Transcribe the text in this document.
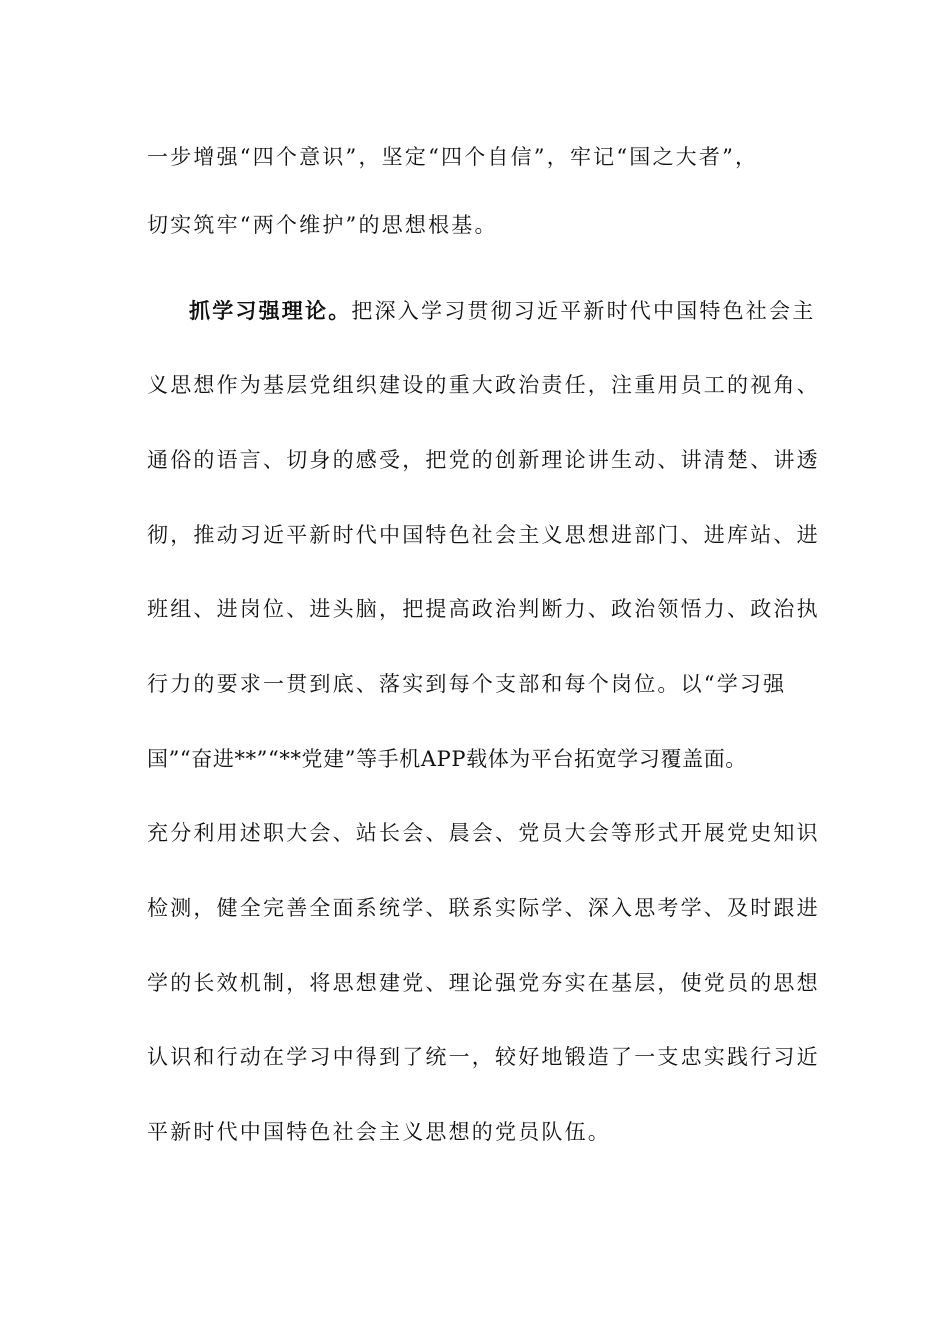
一步增强“四个意识”，坚定“四个自信”，牢记“国之大者”，
切实筑牢“两个维护”的思想根基。
抓学习强理论。把深入学习贯彻习近平新时代中国特色社会主
义思想作为基层党组织建设的重大政治责任，注重用员工的视角、
通俗的语言、切身的感受，把党的创新理论讲生动、讲清楚、讲透
彻，推动习近平新时代中国特色社会主义思想进部门、进库站、进
班组、进岗位、进头脑，把提高政治判断力、政治领悟力、政治执
行力的要求一贯到底、落实到每个支部和每个岗位。以“学习强
国”“奋进**”“**党建”等手机APP载体为平台拓宽学习覆盖面。
充分利用述职大会、站长会、晨会、党员大会等形式开展党史知识
检测，健全完善全面系统学、联系实际学、深入思考学、及时跟进
学的长效机制，将思想建党、理论强党夯实在基层，使党员的思想
认识和行动在学习中得到了统一，较好地锻造了一支忠实践行习近
平新时代中国特色社会主义思想的党员队伍。
